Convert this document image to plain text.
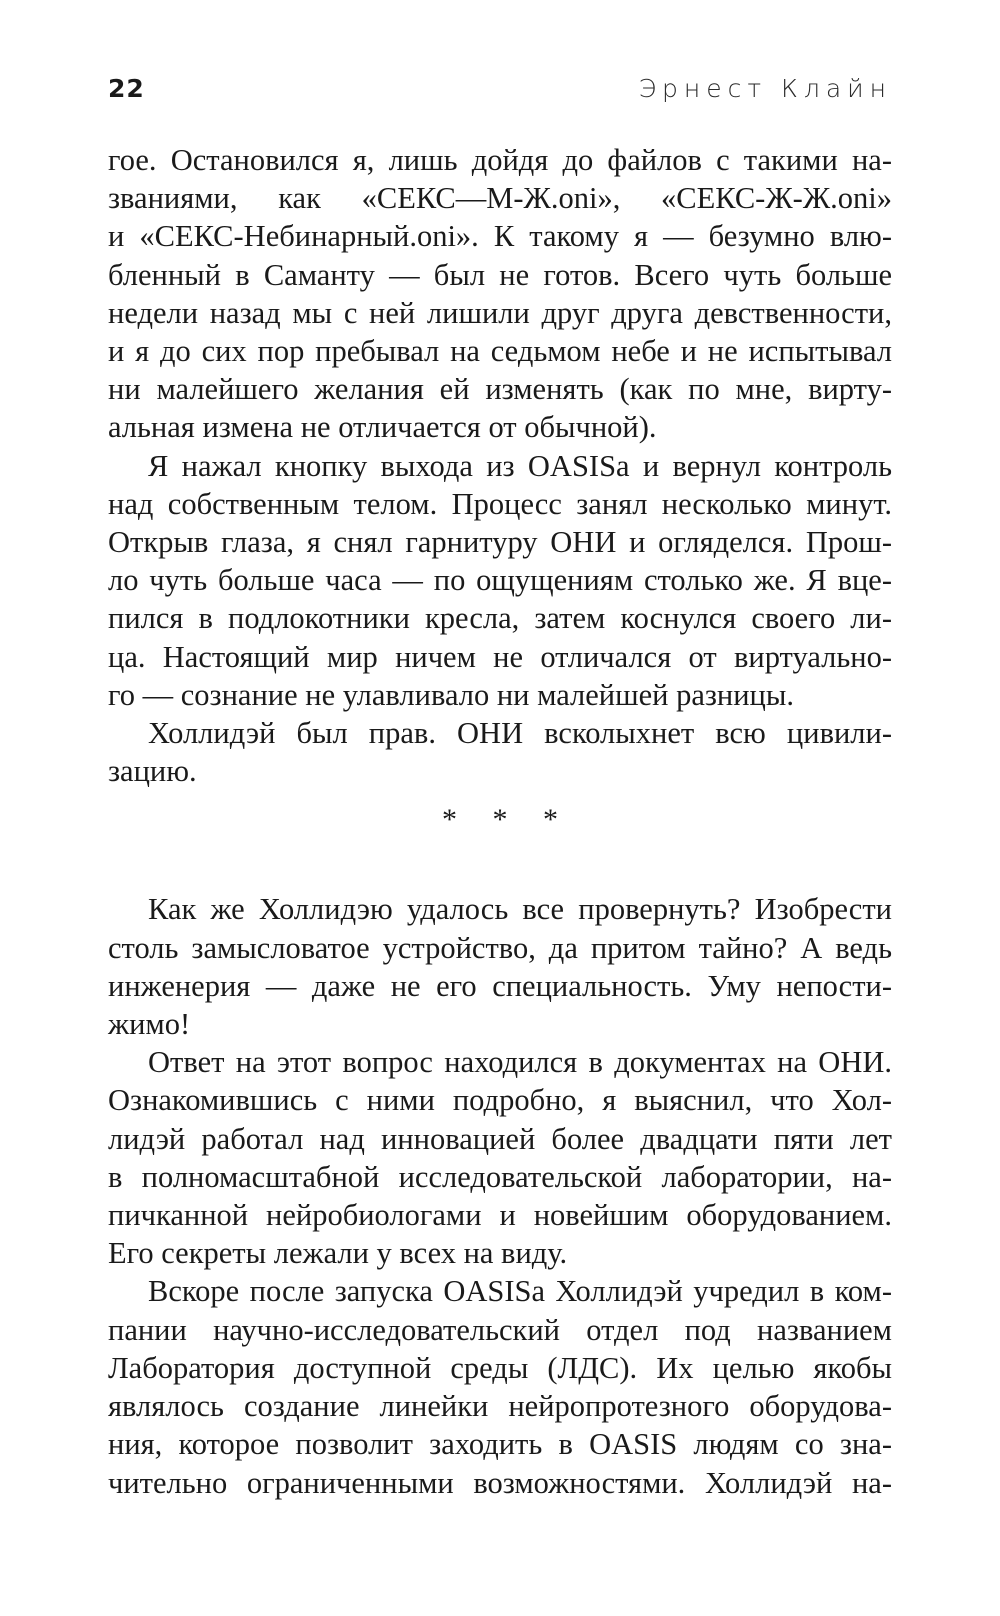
22	Эрнест Клайн
гое. Остановился я, лишь дойдя до файлов с такими на-
званиями, как «СЕКС—М-Ж.oni», «СЕКС-Ж-Ж.oni»
и «СЕКС-Небинарный.oni». К такому я — безумно влю-
бленный в Саманту — был не готов. Всего чуть больше
недели назад мы с ней лишили друг друга девственности,
и я до сих пор пребывал на седьмом небе и не испытывал
ни малейшего желания ей изменять (как по мне, вирту-
альная измена не отличается от обычной).
Я нажал кнопку выхода из OASISа и вернул контроль
над собственным телом. Процесс занял несколько минут.
Открыв глаза, я снял гарнитуру ОНИ и огляделся. Прош-
ло чуть больше часа — по ощущениям столько же. Я вце-
пился в подлокотники кресла, затем коснулся своего ли-
ца. Настоящий мир ничем не отличался от виртуально-
го — сознание не улавливало ни малейшей разницы.
Холлидэй был прав. ОНИ всколыхнет всю цивили-
зацию.
* * *
Как же Холлидэю удалось все провернуть? Изобрести
столь замысловатое устройство, да притом тайно? А ведь
инженерия — даже не его специальность. Уму непости-
жимо!
Ответ на этот вопрос находился в документах на ОНИ.
Ознакомившись с ними подробно, я выяснил, что Хол-
лидэй работал над инновацией более двадцати пяти лет
в полномасштабной исследовательской лаборатории, на-
пичканной нейробиологами и новейшим оборудованием.
Его секреты лежали у всех на виду.
Вскоре после запуска OASISа Холлидэй учредил в ком-
пании научно-исследовательский отдел под названием
Лаборатория доступной среды (ЛДС). Их целью якобы
являлось создание линейки нейропротезного оборудова-
ния, которое позволит заходить в OASIS людям со зна-
чительно ограниченными возможностями. Холлидэй на-
